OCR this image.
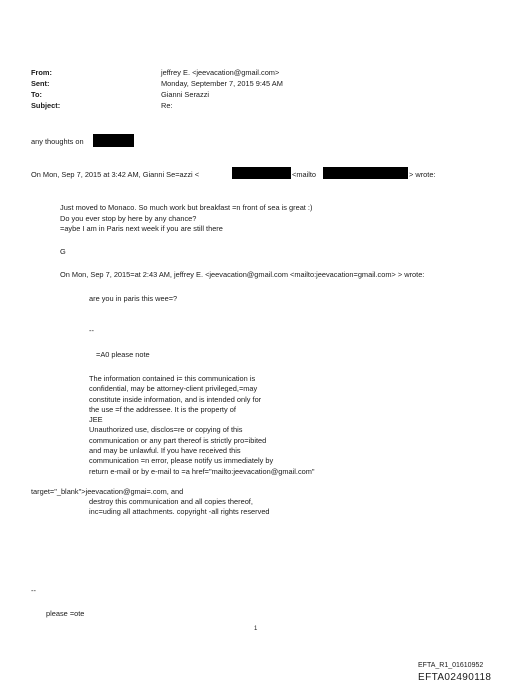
From:	jeffrey E. <jeevacation@gmail.com>
Sent:	Monday, September 7, 2015 9:45 AM
To:	Gianni Serazzi
Subject:	Re:
any thoughts on
On Mon, Sep 7, 2015 at 3:42 AM, Gianni Se=azzi <	<mailto	> wrote:
Just moved to Monaco. So much work but breakfast =n front of sea is great :)
Do you ever stop by here by any chance?
=aybe I am in Paris next week if you are still there
G
On Mon, Sep 7, 2015=at 2:43 AM, jeffrey E. <jeevacation@gmail.com <mailto:jeevacation=gmail.com> > wrote:
are you in paris this wee=?
--
=A0 please note
The information contained i= this communication is
confidential, may be attorney-client privileged,=may
constitute inside information, and is intended only for
the use =f the addressee. It is the property of
JEE
Unauthorized use, disclos=re or copying of this
communication or any part thereof is strictly pro=ibited
and may be unlawful. If you have received this
communication =n error, please notify us immediately by
return e-mail or by e-mail to =a href="mailto:jeevacation@gmail.com"
target="_blank">jeevacation@gmai=.com, and
destroy this communication and all copies thereof,
inc=uding all attachments. copyright -all rights reserved
--
please =ote
1
EFTA_R1_01610952
EFTA02490118
